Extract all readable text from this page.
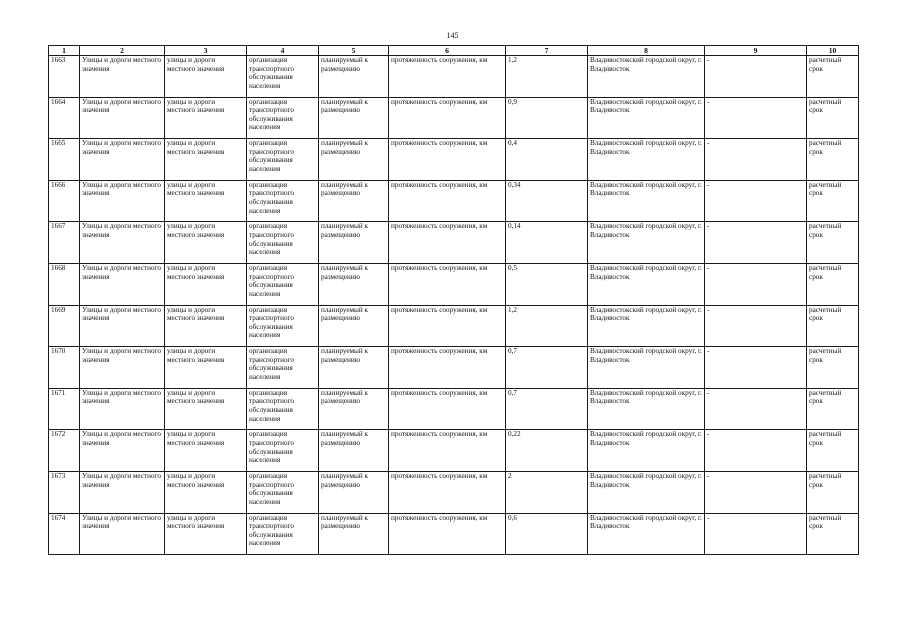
145
1	2	3	4	5	6	7	8	9	10
1663	Улицы и дороги местного значения	улицы и дороги местного значения	организация транспортного обслуживания населения	планируемый к размещению	протяженность сооружения, км	1,2	Владивостокский городской округ, г. Владивосток	-	расчетный срок
1664	Улицы и дороги местного значения	улицы и дороги местного значения	организация транспортного обслуживания населения	планируемый к размещению	протяженность сооружения, км	0,9	Владивостокский городской округ, г. Владивосток	-	расчетный срок
1665	Улицы и дороги местного значения	улицы и дороги местного значения	организация транспортного обслуживания населения	планируемый к размещению	протяженность сооружения, км	0,4	Владивостокский городской округ, г. Владивосток	-	расчетный срок
1666	Улицы и дороги местного значения	улицы и дороги местного значения	организация транспортного обслуживания населения	планируемый к размещению	протяженность сооружения, км	0,34	Владивостокский городской округ, г. Владивосток	-	расчетный срок
1667	Улицы и дороги местного значения	улицы и дороги местного значения	организация транспортного обслуживания населения	планируемый к размещению	протяженность сооружения, км	0,14	Владивостокский городской округ, г. Владивосток	-	расчетный срок
1668	Улицы и дороги местного значения	улицы и дороги местного значения	организация транспортного обслуживания населения	планируемый к размещению	протяженность сооружения, км	0,5	Владивостокский городской округ, г. Владивосток	-	расчетный срок
1669	Улицы и дороги местного значения	улицы и дороги местного значения	организация транспортного обслуживания населения	планируемый к размещению	протяженность сооружения, км	1,2	Владивостокский городской округ, г. Владивосток	-	расчетный срок
1670	Улицы и дороги местного значения	улицы и дороги местного значения	организация транспортного обслуживания населения	планируемый к размещению	протяженность сооружения, км	0,7	Владивостокский городской округ, г. Владивосток	-	расчетный срок
1671	Улицы и дороги местного значения	улицы и дороги местного значения	организация транспортного обслуживания населения	планируемый к размещению	протяженность сооружения, км	0,7	Владивостокский городской округ, г. Владивосток	-	расчетный срок
1672	Улицы и дороги местного значения	улицы и дороги местного значения	организация транспортного обслуживания населения	планируемый к размещению	протяженность сооружения, км	0,22	Владивостокский городской округ, г. Владивосток	-	расчетный срок
1673	Улицы и дороги местного значения	улицы и дороги местного значения	организация транспортного обслуживания населения	планируемый к размещению	протяженность сооружения, км	2	Владивостокский городской округ, г. Владивосток	-	расчетный срок
1674	Улицы и дороги местного значения	улицы и дороги местного значения	организация транспортного обслуживания населения	планируемый к размещению	протяженность сооружения, км	0,6	Владивостокский городской округ, г. Владивосток	-	расчетный срок
